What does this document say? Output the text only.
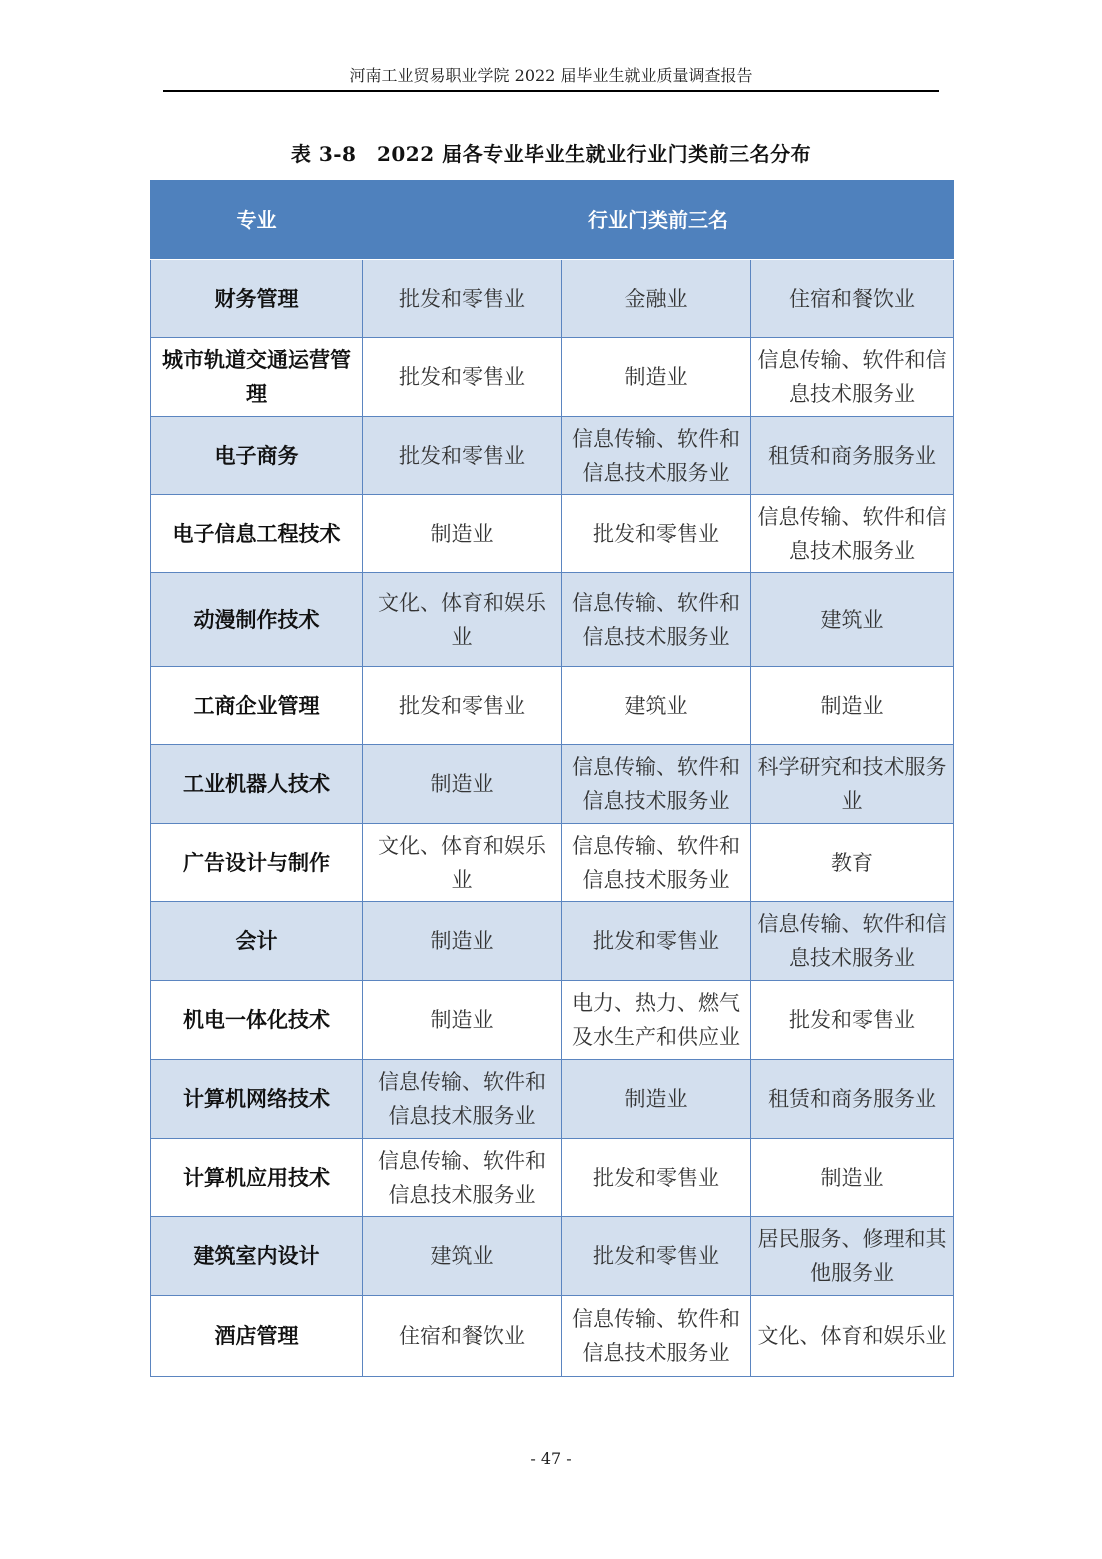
河南工业贸易职业学院 2022 届毕业生就业质量调查报告
表 3-8　2022 届各专业毕业生就业行业门类前三名分布
专业	行业门类前三名		

财务管理	批发和零售业	金融业	住宿和餐饮业

城市轨道交通运营管理	批发和零售业	制造业	信息传输、软件和信息技术服务业

电子商务	批发和零售业	信息传输、软件和信息技术服务业	租赁和商务服务业

电子信息工程技术	制造业	批发和零售业	信息传输、软件和信息技术服务业

动漫制作技术	文化、体育和娱乐业	信息传输、软件和信息技术服务业	建筑业

工商企业管理	批发和零售业	建筑业	制造业

工业机器人技术	制造业	信息传输、软件和信息技术服务业	科学研究和技术服务业

广告设计与制作	文化、体育和娱乐业	信息传输、软件和信息技术服务业	教育

会计	制造业	批发和零售业	信息传输、软件和信息技术服务业

机电一体化技术	制造业	电力、热力、燃气及水生产和供应业	批发和零售业

计算机网络技术	信息传输、软件和信息技术服务业	制造业	租赁和商务服务业

计算机应用技术	信息传输、软件和信息技术服务业	批发和零售业	制造业

建筑室内设计	建筑业	批发和零售业	居民服务、修理和其他服务业

酒店管理	住宿和餐饮业	信息传输、软件和信息技术服务业	文化、体育和娱乐业
- 47 -
